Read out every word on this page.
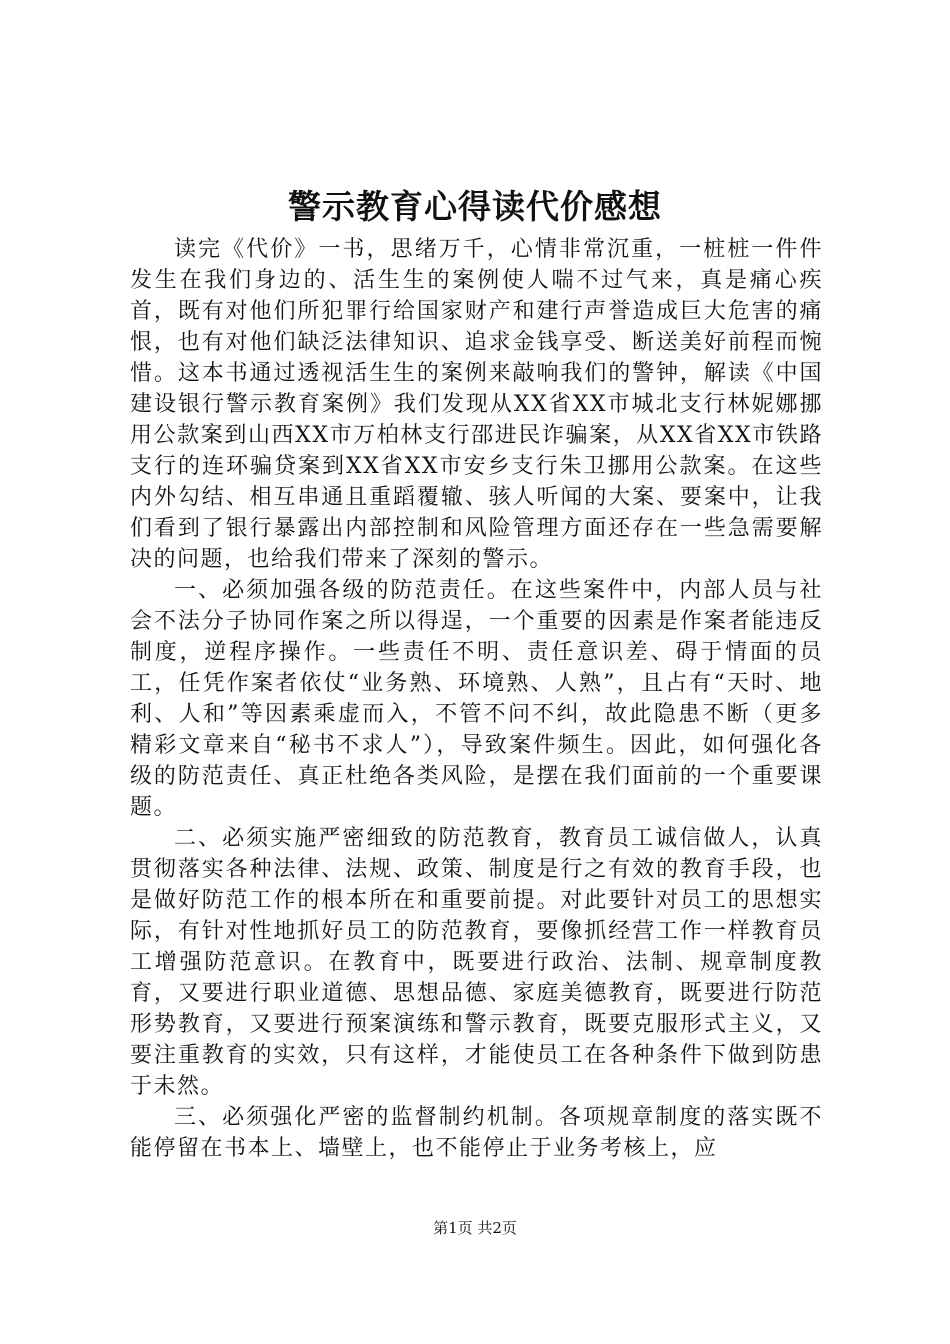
警示教育心得读代价感想

读完《代价》一书，思绪万千，心情非常沉重，一桩桩一件件发生在我们身边的、活生生的案例使人喘不过气来，真是痛心疾首，既有对他们所犯罪行给国家财产和建行声誉造成巨大危害的痛恨，也有对他们缺泛法律知识、追求金钱享受、断送美好前程而惋惜。这本书通过透视活生生的案例来敲响我们的警钟，解读《中国建设银行警示教育案例》我们发现从XX省XX市城北支行林妮娜挪用公款案到山西XX市万柏林支行邵进民诈骗案，从XX省XX市铁路支行的连环骗贷案到XX省XX市安乡支行朱卫挪用公款案。在这些内外勾结、相互串通且重蹈覆辙、骇人听闻的大案、要案中，让我们看到了银行暴露出内部控制和风险管理方面还存在一些急需要解决的问题，也给我们带来了深刻的警示。

一、必须加强各级的防范责任。在这些案件中，内部人员与社会不法分子协同作案之所以得逞，一个重要的因素是作案者能违反制度，逆程序操作。一些责任不明、责任意识差、碍于情面的员工，任凭作案者依仗“业务熟、环境熟、人熟”，且占有“天时、地利、人和”等因素乘虚而入，不管不问不纠，故此隐患不断（更多精彩文章来自“秘书不求人”），导致案件频生。因此，如何强化各级的防范责任、真正杜绝各类风险，是摆在我们面前的一个重要课题。

二、必须实施严密细致的防范教育，教育员工诚信做人，认真贯彻落实各种法律、法规、政策、制度是行之有效的教育手段，也是做好防范工作的根本所在和重要前提。对此要针对员工的思想实际，有针对性地抓好员工的防范教育，要像抓经营工作一样教育员工增强防范意识。在教育中，既要进行政治、法制、规章制度教育，又要进行职业道德、思想品德、家庭美德教育，既要进行防范形势教育，又要进行预案演练和警示教育，既要克服形式主义，又要注重教育的实效，只有这样，才能使员工在各种条件下做到防患于未然。

三、必须强化严密的监督制约机制。各项规章制度的落实既不能停留在书本上、墙壁上，也不能停止于业务考核上，应

第1页 共2页
